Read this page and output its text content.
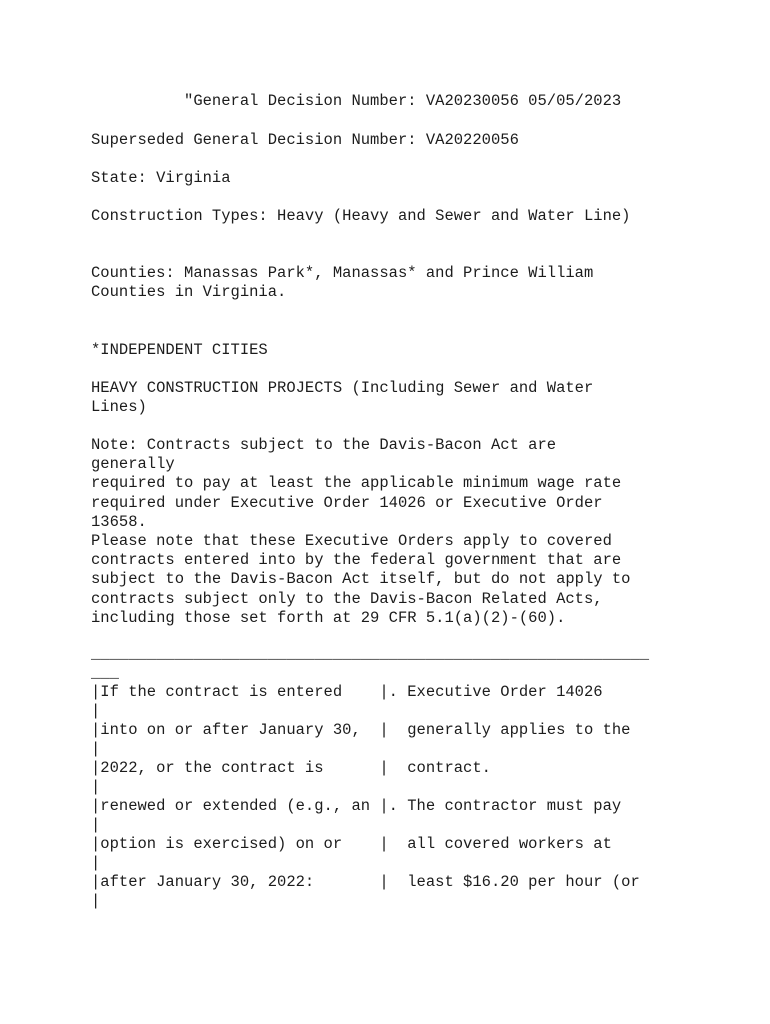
"General Decision Number: VA20230056 05/05/2023
Superseded General Decision Number: VA20220056
State: Virginia
Construction Types: Heavy (Heavy and Sewer and Water Line)
Counties: Manassas Park*, Manassas* and Prince William
Counties in Virginia.
*INDEPENDENT CITIES
HEAVY CONSTRUCTION PROJECTS (Including Sewer and Water
Lines)
Note: Contracts subject to the Davis-Bacon Act are
generally
required to pay at least the applicable minimum wage rate
required under Executive Order 14026 or Executive Order
13658.
Please note that these Executive Orders apply to covered
contracts entered into by the federal government that are
subject to the Davis-Bacon Act itself, but do not apply to
contracts subject only to the Davis-Bacon Related Acts,
including those set forth at 29 CFR 5.1(a)(2)-(60).
____________________________________________________________
___
|If the contract is entered    |. Executive Order 14026
|
|into on or after January 30,  |  generally applies to the
|
|2022, or the contract is      |  contract.
|
|renewed or extended (e.g., an |. The contractor must pay
|
|option is exercised) on or    |  all covered workers at
|
|after January 30, 2022:       |  least $16.20 per hour (or
|
